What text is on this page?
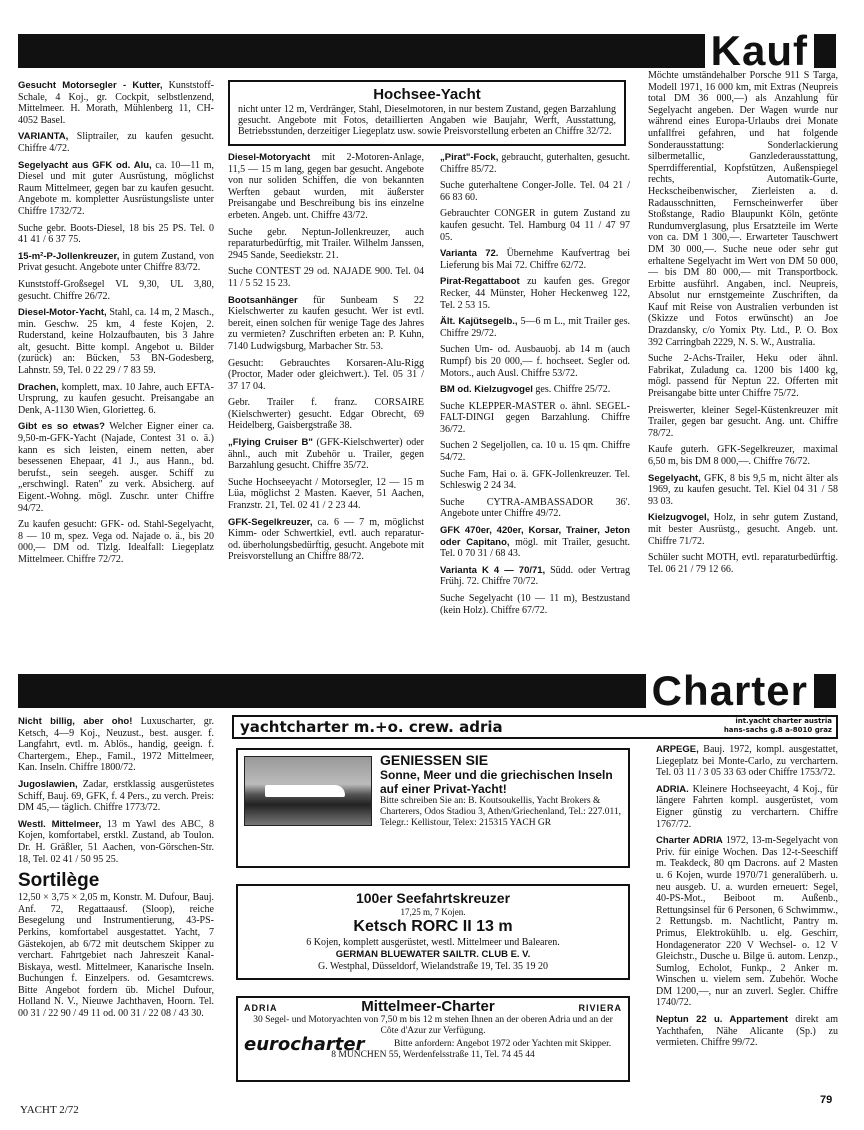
Kauf
Gesucht Motorsegler - Kutter, Kunststoff-Schale, 4 Koj., gr. Cockpit, selbstlenzend, Mittelmeer. H. Morath, Mühlenberg 11, CH-4052 Basel.
VARIANTA, Sliptrailer, zu kaufen gesucht. Chiffre 4/72.
Segelyacht aus GFK od. Alu, ca. 10—11 m, Diesel und mit guter Ausrüstung, möglichst Raum Mittelmeer, gegen bar zu kaufen gesucht. Angebote m. kompletter Ausrüstungsliste unter Chiffre 1732/72.
Suche gebr. Boots-Diesel, 18 bis 25 PS. Tel. 0 41 41 / 6 37 75.
15-m²-P-Jollenkreuzer, in gutem Zustand, von Privat gesucht. Angebote unter Chiffre 83/72.
Kunststoff-Großsegel VL 9,30, UL 3,80, gesucht. Chiffre 26/72.
Diesel-Motor-Yacht, Stahl, ca. 14 m, 2 Masch., min. Geschw. 25 km, 4 feste Kojen, 2. Ruderstand, keine Holzaufbauten, bis 3 Jahre alt, gesucht. Bitte kompl. Angebot u. Bilder (zurück) an: Bücken, 53 BN-Godesberg, Lahnstr. 59, Tel. 0 22 29 / 7 83 59.
Drachen, komplett, max. 10 Jahre, auch EFTA-Ursprung, zu kaufen gesucht. Preisangabe an Denk, A-1130 Wien, Glorietteg. 6.
Gibt es so etwas? Welcher Eigner einer ca. 9,50-m-GFK-Yacht (Najade, Contest 31 o. ä.) kann es sich leisten, einem netten, aber besessenen Ehepaar, 41 J., aus Hann., bd. berufst., sein seegeh. ausger. Schiff zu „erschwingl. Raten" zu verk. Absicherg. auf Eigent.-Wohng. mögl. Zuschr. unter Chiffre 94/72.
Zu kaufen gesucht: GFK- od. Stahl-Segelyacht, 8 — 10 m, spez. Vega od. Najade o. ä., bis 20 000,— DM od. Tlzlg. Idealfall: Liegeplatz Mittelmeer. Chiffre 72/72.
Hochsee-Yacht
nicht unter 12 m, Verdränger, Stahl, Dieselmotoren, in nur bestem Zustand, gegen Barzahlung gesucht. Angebote mit Fotos, detaillierten Angaben wie Baujahr, Werft, Ausstattung, Betriebsstunden, derzeitiger Liegeplatz usw. sowie Preisvorstellung erbeten an Chiffre 32/72.
Diesel-Motoryacht mit 2-Motoren-Anlage, 11,5 — 15 m lang, gegen bar gesucht. Angebote von nur soliden Schiffen, die von bekannten Werften gebaut wurden, mit äußerster Preisangabe und Beschreibung bis ins einzelne erbeten. Angeb. unt. Chiffre 43/72.
Suche gebr. Neptun-Jollenkreuzer, auch reparaturbedürftig, mit Trailer. Wilhelm Janssen, 2945 Sande, Seediekstr. 21.
Suche CONTEST 29 od. NAJADE 900. Tel. 04 11 / 5 52 15 23.
Bootsanhänger für Sunbeam S 22 Kielschwerter zu kaufen gesucht. Wer ist evtl. bereit, einen solchen für wenige Tage des Jahres zu vermieten? Zuschriften erbeten an: P. Kuhn, 7140 Ludwigsburg, Marbacher Str. 53.
Gesucht: Gebrauchtes Korsaren-Alu-Rigg (Proctor, Mader oder gleichwert.). Tel. 05 31 / 37 17 04.
Gebr. Trailer f. franz. CORSAIRE (Kielschwerter) gesucht. Edgar Obrecht, 69 Heidelberg, Gaisbergstraße 38.
„Flying Cruiser B" (GFK-Kielschwerter) oder ähnl., auch mit Zubehör u. Trailer, gegen Barzahlung gesucht. Chiffre 35/72.
Suche Hochseeyacht / Motorsegler, 12 — 15 m Lüa, möglichst 2 Masten. Kaever, 51 Aachen, Franzstr. 21, Tel. 02 41 / 2 23 44.
GFK-Segelkreuzer, ca. 6 — 7 m, möglichst Kimm- oder Schwertkiel, evtl. auch reparatur- od. überholungsbedürftig, gesucht. Angebote mit Preisvorstellung an Chiffre 88/72.
„Pirat"-Fock, gebraucht, guterhalten, gesucht. Chiffre 85/72.
Suche guterhaltene Conger-Jolle. Tel. 04 21 / 66 83 60.
Gebrauchter CONGER in gutem Zustand zu kaufen gesucht. Tel. Hamburg 04 11 / 47 97 05.
Varianta 72. Übernehme Kaufvertrag bei Lieferung bis Mai 72. Chiffre 62/72.
Pirat-Regattaboot zu kaufen ges. Gregor Recker, 44 Münster, Hoher Heckenweg 122, Tel. 2 53 15.
Ält. Kajütsegelb., 5—6 m L., mit Trailer ges. Chiffre 29/72.
Suchen Um- od. Ausbauobj. ab 14 m (auch Rumpf) bis 20 000,— f. hochseet. Segler od. Motors., auch Ausl. Chiffre 53/72.
BM od. Kielzugvogel ges. Chiffre 25/72.
Suche KLEPPER-MASTER o. ähnl. SEGEL-FALT-DINGI gegen Barzahlung. Chiffre 36/72.
Suchen 2 Segeljollen, ca. 10 u. 15 qm. Chiffre 54/72.
Suche Fam, Hai o. ä. GFK-Jollenkreuzer. Tel. Schleswig 2 24 34.
Suche CYTRA-AMBASSADOR 36'. Angebote unter Chiffre 49/72.
GFK 470er, 420er, Korsar, Trainer, Jeton oder Capitano, mögl. mit Trailer, gesucht. Tel. 0 70 31 / 68 43.
Varianta K 4 — 70/71, Südd. oder Vertrag Frühj. 72. Chiffre 70/72.
Suche Segelyacht (10 — 11 m), Bestzustand (kein Holz). Chiffre 67/72.
Möchte umständehalber Porsche 911 S Targa, Modell 1971, 16 000 km, mit Extras (Neupreis total DM 36 000,—) als Anzahlung für Segelyacht angeben. Der Wagen wurde nur während eines Europa-Urlaubs drei Monate unfallfrei gefahren, und hat folgende Sonderausstattung: Sonderlackierung silbermetallic, Ganzlederausstattung, Sperrdifferential, Kopfstützen, Außenspiegel rechts, Automatik-Gurte, Heckscheibenwischer, Zierleisten a. d. Radausschnitten, Fernscheinwerfer über Stoßstange, Radio Blaupunkt Köln, getönte Rundumverglasung, plus Ersatzteile im Werte von ca. DM 1 300,—. Erwarteter Tauschwert DM 30 000,—. Suche neue oder sehr gut erhaltene Segelyacht im Wert von DM 50 000,— bis DM 80 000,— mit Transportbock. Erbitte ausführl. Angaben, incl. Neupreis, Absolut nur ernstgemeinte Zuschriften, da Kauf mit Reise von Australien verbunden ist (Skizze und Fotos erwünscht) an Joe Drazdansky, c/o Yomix Pty. Ltd., P. O. Box 392 Carringbah 2229, N. S. W., Australia.
Suche 2-Achs-Trailer, Heku oder ähnl. Fabrikat, Zuladung ca. 1200 bis 1400 kg, mögl. passend für Neptun 22. Offerten mit Preisangabe bitte unter Chiffre 75/72.
Preiswerter, kleiner Segel-Küstenkreuzer mit Trailer, gegen bar gesucht. Ang. unt. Chiffre 78/72.
Kaufe guterh. GFK-Segelkreuzer, maximal 6,50 m, bis DM 8 000,—. Chiffre 76/72.
Segelyacht, GFK, 8 bis 9,5 m, nicht älter als 1969, zu kaufen gesucht. Tel. Kiel 04 31 / 58 93 03.
Kielzugvogel, Holz, in sehr gutem Zustand, mit bester Ausrüstg., gesucht. Angeb. unt. Chiffre 71/72.
Schüler sucht MOTH, evtl. reparaturbedürftig. Tel. 06 21 / 79 12 66.
Charter
Nicht billig, aber oho! Luxuscharter, gr. Ketsch, 4—9 Koj., Neuzust., best. ausger. f. Langfahrt, evtl. m. Ablös., handig, geeign. f. Chartergem., Ehep., Famil., 1972 Mittelmeer, Kan. Inseln. Chiffre 1800/72.
Jugoslawien, Zadar, erstklassig ausgerüstetes Schiff, Bauj. 69, GFK, f. 4 Pers., zu verch. Preis: DM 45,— täglich. Chiffre 1773/72.
Westl. Mittelmeer, 13 m Yawl des ABC, 8 Kojen, komfortabel, erstkl. Zustand, ab Toulon. Dr. H. Gräßler, 51 Aachen, von-Görschen-Str. 18, Tel. 02 41 / 50 95 25.
Sortilège
12,50 × 3,75 × 2,05 m, Konstr. M. Dufour, Bauj. Anf. 72, Regattaausf. (Sloop), reiche Besegelung und Instrumentierung, 43-PS-Perkins, komfortabel ausgestattet. Yacht, 7 Gästekojen, ab 6/72 mit deutschem Skipper zu verchart. Fahrtgebiet nach Jahreszeit Kanal-Biskaya, westl. Mittelmeer, Kanarische Inseln. Buchungen f. Einzelpers. od. Gesamtcrews. Bitte Angebot fordern üb. Michel Dufour, Holland N. V., Nieuwe Jachthaven, Hoorn. Tel. 00 31 / 22 90 / 49 11 od. 00 31 / 22 08 / 43 30.
yachtcharter m.+o. crew. adria	int.yacht charter austria
hans-sachs g.8 a-8010 graz
GENIESSEN SIE
Sonne, Meer und die griechischen Inseln auf einer Privat-Yacht!
Bitte schreiben Sie an: B. Koutsoukellis, Yacht Brokers & Charterers, Odos Stadiou 3, Athen/Griechenland, Tel.: 227.011, Telegr.: Kellistour, Telex: 215315 YACH GR
100er Seefahrtskreuzer
17,25 m, 7 Kojen.
Ketsch RORC II 13 m
6 Kojen, komplett ausgerüstet, westl. Mittelmeer und Balearen.
GERMAN BLUEWATER SAILTR. CLUB E. V.
G. Westphal, Düsseldorf, Wielandstraße 19, Tel. 35 19 20
ADRIA	Mittelmeer-Charter	RIVIERA
30 Segel- und Motoryachten von 7,50 m bis 12 m stehen Ihnen an der oberen Adria und an der Côte d'Azur zur Verfügung.
eurocharter	Bitte anfordern: Angebot 1972 oder Yachten mit Skipper.
8 MÜNCHEN 55, Werdenfelsstraße 11, Tel. 74 45 44
ARPEGE, Bauj. 1972, kompl. ausgestattet, Liegeplatz bei Monte-Carlo, zu verchartern. Tel. 03 11 / 3 05 33 63 oder Chiffre 1753/72.
ADRIA. Kleinere Hochseeyacht, 4 Koj., für längere Fahrten kompl. ausgerüstet, vom Eigner günstig zu verchartern. Chiffre 1767/72.
Charter ADRIA 1972, 13-m-Segelyacht von Priv. für einige Wochen. Das 12-t-Seeschiff m. Teakdeck, 80 qm Dacrons. auf 2 Masten u. 6 Kojen, wurde 1970/71 generalüberh. u. neu ausgeb. U. a. wurden erneuert: Segel, 40-PS-Mot., Beiboot m. Außenb., Rettungsinsel für 6 Personen, 6 Schwimmw., 2 Rettungsb. m. Nachtlicht, Pantry m. Primus, Elektrokühlb. u. elg. Geschirr, Hondagenerator 220 V Wechsel- o. 12 V Gleichstr., Dusche u. Bilge ü. autom. Lenzp., Sumlog, Echolot, Funkp., 2 Anker m. Winschen u. vielem sem. Zubehör. Woche DM 1200,—, nur an zuverl. Segler. Chiffre 1740/72.
Neptun 22 u. Appartement direkt am Yachthafen, Nähe Alicante (Sp.) zu vermieten. Chiffre 99/72.
YACHT 2/72
79
